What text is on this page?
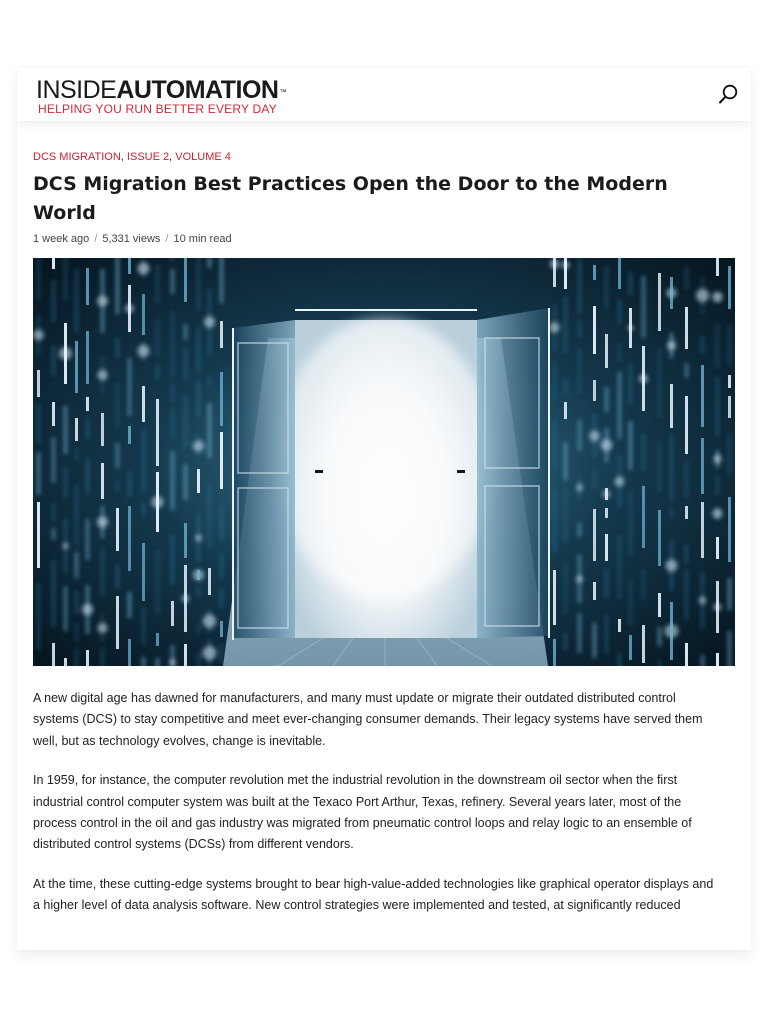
INSIDEAUTOMATION™
HELPING YOU RUN BETTER EVERY DAY
DCS MIGRATION, ISSUE 2, VOLUME 4
DCS Migration Best Practices Open the Door to the Modern World
1 week ago / 5,331 views / 10 min read

A new digital age has dawned for manufacturers, and many must update or migrate their outdated distributed control systems (DCS) to stay competitive and meet ever-changing consumer demands. Their legacy systems have served them well, but as technology evolves, change is inevitable.

In 1959, for instance, the computer revolution met the industrial revolution in the downstream oil sector when the first industrial control computer system was built at the Texaco Port Arthur, Texas, refinery. Several years later, most of the process control in the oil and gas industry was migrated from pneumatic control loops and relay logic to an ensemble of distributed control systems (DCSs) from different vendors.

At the time, these cutting-edge systems brought to bear high-value-added technologies like graphical operator displays and a higher level of data analysis software. New control strategies were implemented and tested, at significantly reduced
